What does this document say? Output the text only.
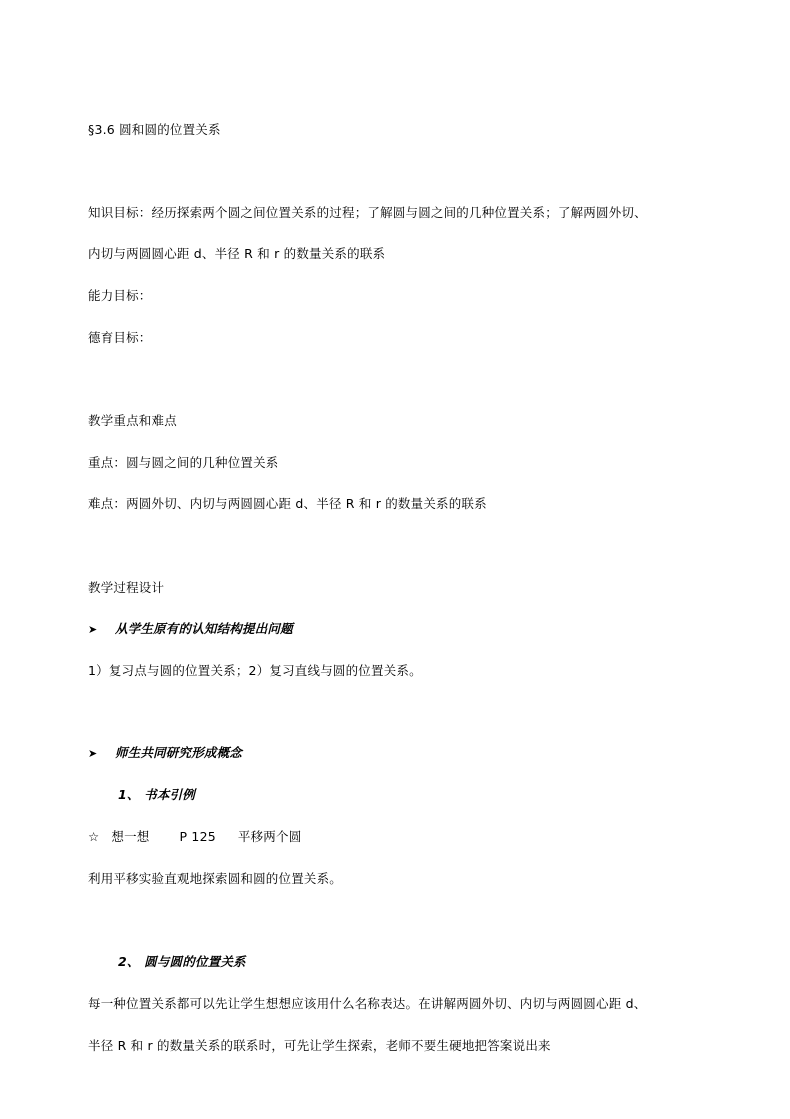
§3.6 圆和圆的位置关系
知识目标：经历探索两个圆之间位置关系的过程；了解圆与圆之间的几种位置关系；了解两圆外切、
内切与两圆圆心距 d、半径 R 和 r 的数量关系的联系
能力目标：
德育目标：
教学重点和难点
重点：圆与圆之间的几种位置关系
难点：两圆外切、内切与两圆圆心距 d、半径 R 和 r 的数量关系的联系
教学过程设计
➤ 从学生原有的认知结构提出问题
1）复习点与圆的位置关系；2）复习直线与圆的位置关系。
➤ 师生共同研究形成概念
1、 书本引例
☆ 想一想 P 125 平移两个圆
利用平移实验直观地探索圆和圆的位置关系。
2、 圆与圆的位置关系
每一种位置关系都可以先让学生想想应该用什么名称表达。在讲解两圆外切、内切与两圆圆心距 d、
半径 R 和 r 的数量关系的联系时，可先让学生探索，老师不要生硬地把答案说出来
